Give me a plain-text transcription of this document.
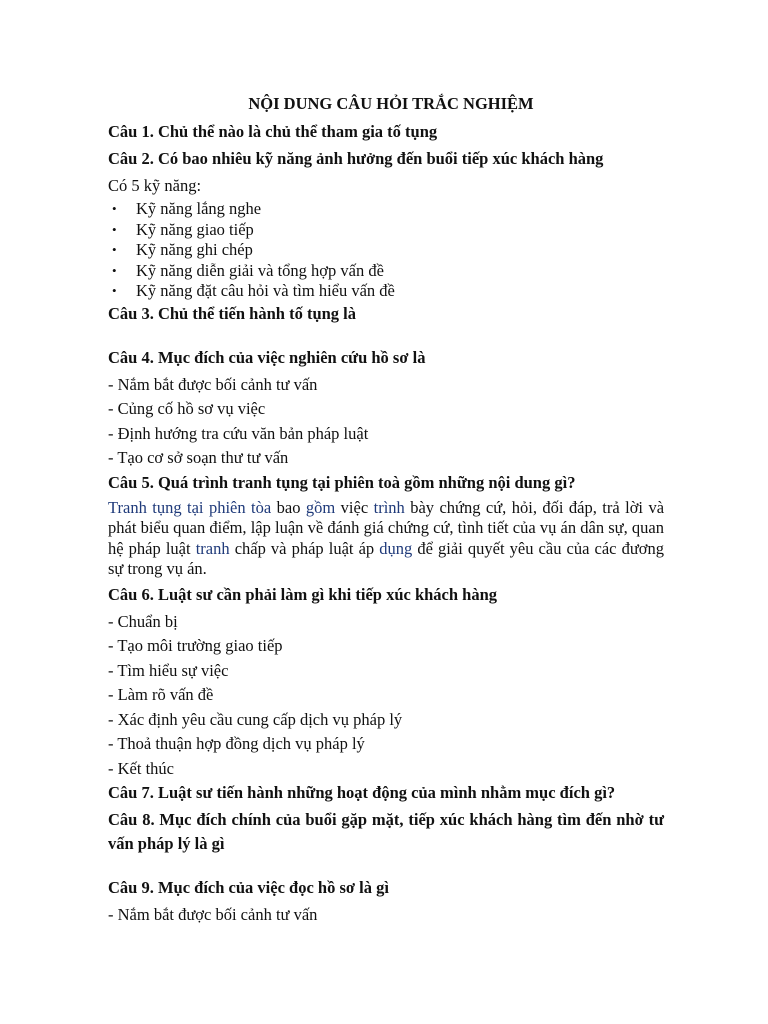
NỘI DUNG CÂU HỎI TRẮC NGHIỆM
Câu 1. Chủ thể nào là chủ thể tham gia tố tụng
Câu 2. Có bao nhiêu kỹ năng ảnh hưởng đến buổi tiếp xúc khách hàng
Có 5 kỹ năng:
• Kỹ năng lắng nghe
• Kỹ năng giao tiếp
• Kỹ năng ghi chép
• Kỹ năng diễn giải và tổng hợp vấn đề
• Kỹ năng đặt câu hỏi và tìm hiểu vấn đề
Câu 3. Chủ thể tiến hành tố tụng là
Câu 4. Mục đích của việc nghiên cứu hồ sơ là

- Nắm bắt được bối cảnh tư vấn

- Củng cố hồ sơ vụ việc

- Định hướng tra cứu văn bản pháp luật

- Tạo cơ sở soạn thư tư vấn

Câu 5. Quá trình tranh tụng tại phiên toà gồm những nội dung gì?

Tranh tụng tại phiên tòa bao gồm việc trình bày chứng cứ, hỏi, đối đáp, trả lời và phát biểu quan điểm, lập luận về đánh giá chứng cứ, tình tiết của vụ án dân sự, quan hệ pháp luật tranh chấp và pháp luật áp dụng để giải quyết yêu cầu của các đương sự trong vụ án.

Câu 6. Luật sư cần phải làm gì khi tiếp xúc khách hàng

- Chuẩn bị

- Tạo môi trường giao tiếp

- Tìm hiểu sự việc

- Làm rõ vấn đề

- Xác định yêu cầu cung cấp dịch vụ pháp lý

- Thoả thuận hợp đồng dịch vụ pháp lý

- Kết thúc

Câu 7. Luật sư tiến hành những hoạt động của mình nhằm mục đích gì?
Câu 8. Mục đích chính của buổi gặp mặt, tiếp xúc khách hàng tìm đến nhờ tư vấn pháp lý là gì
Câu 9. Mục đích của việc đọc hồ sơ là gì

- Nắm bắt được bối cảnh tư vấn
